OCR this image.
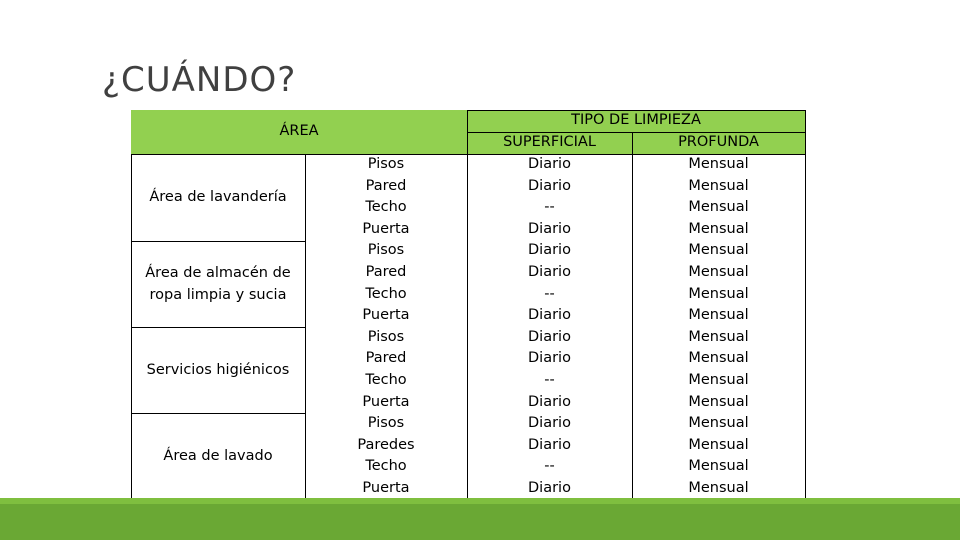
¿CUÁNDO?
ÁREA
TIPO DE LIMPIEZA
SUPERFICIAL	PROFUNDA
Área de lavandería
Área de almacén de ropa limpia y sucia
Servicios higiénicos
Área de lavado
Pisos
Pared
Techo
Puerta
Pisos
Pared
Techo
Puerta
Pisos
Pared
Techo
Puerta
Pisos
Paredes
Techo
Puerta
Diario
Diario
--
Diario
Diario
Diario
--
Diario
Diario
Diario
--
Diario
Diario
Diario
--
Diario
Mensual
Mensual
Mensual
Mensual
Mensual
Mensual
Mensual
Mensual
Mensual
Mensual
Mensual
Mensual
Mensual
Mensual
Mensual
Mensual
